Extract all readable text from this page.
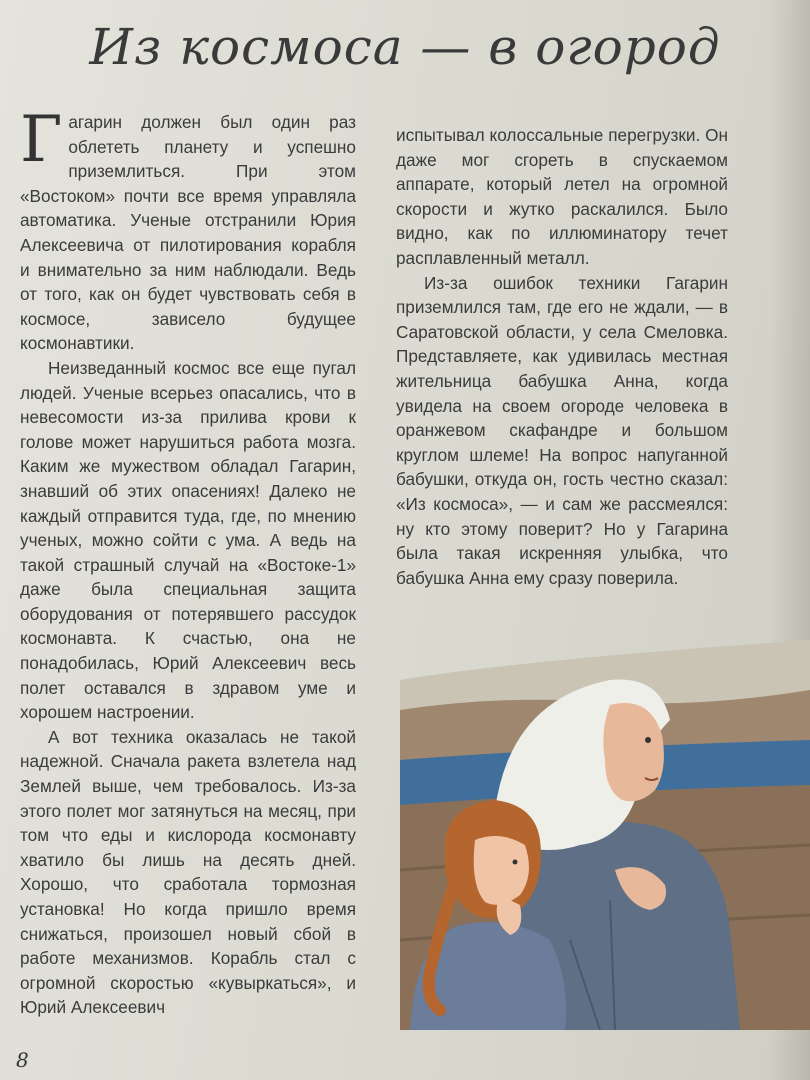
Из космоса — в огород

Гагарин должен был один раз облететь планету и успешно приземлиться. При этом «Востоком» почти все время управляла автоматика. Ученые отстранили Юрия Алексеевича от пилотирования корабля и внимательно за ним наблюдали. Ведь от того, как он будет чувствовать себя в космосе, зависело будущее космонавтики.

Неизведанный космос все еще пугал людей. Ученые всерьез опасались, что в невесомости из-за прилива крови к голове может нарушиться работа мозга. Каким же мужеством обладал Гагарин, знавший об этих опасениях! Далеко не каждый отправится туда, где, по мнению ученых, можно сойти с ума. А ведь на такой страшный случай на «Востоке-1» даже была специальная защита оборудования от потерявшего рассудок космонавта. К счастью, она не понадобилась, Юрий Алексеевич весь полет оставался в здравом уме и хорошем настроении.

А вот техника оказалась не такой надежной. Сначала ракета взлетела над Землей выше, чем требовалось. Из-за этого полет мог затянуться на месяц, при том что еды и кислорода космонавту хватило бы лишь на десять дней. Хорошо, что сработала тормозная установка! Но когда пришло время снижаться, произошел новый сбой в работе механизмов. Корабль стал с огромной скоростью «кувыркаться», и Юрий Алексеевич

испытывал колоссальные перегрузки. Он даже мог сгореть в спускаемом аппарате, который летел на огромной скорости и жутко раскалился. Было видно, как по иллюминатору течет расплавленный металл.

Из-за ошибок техники Гагарин приземлился там, где его не ждали, — в Саратовской области, у села Смеловка. Представляете, как удивилась местная жительница бабушка Анна, когда увидела на своем огороде человека в оранжевом скафандре и большом круглом шлеме! На вопрос напуганной бабушки, откуда он, гость честно сказал: «Из космоса», — и сам же рассмеялся: ну кто этому поверит? Но у Гагарина была такая искренняя улыбка, что бабушка Анна ему сразу поверила.

8
